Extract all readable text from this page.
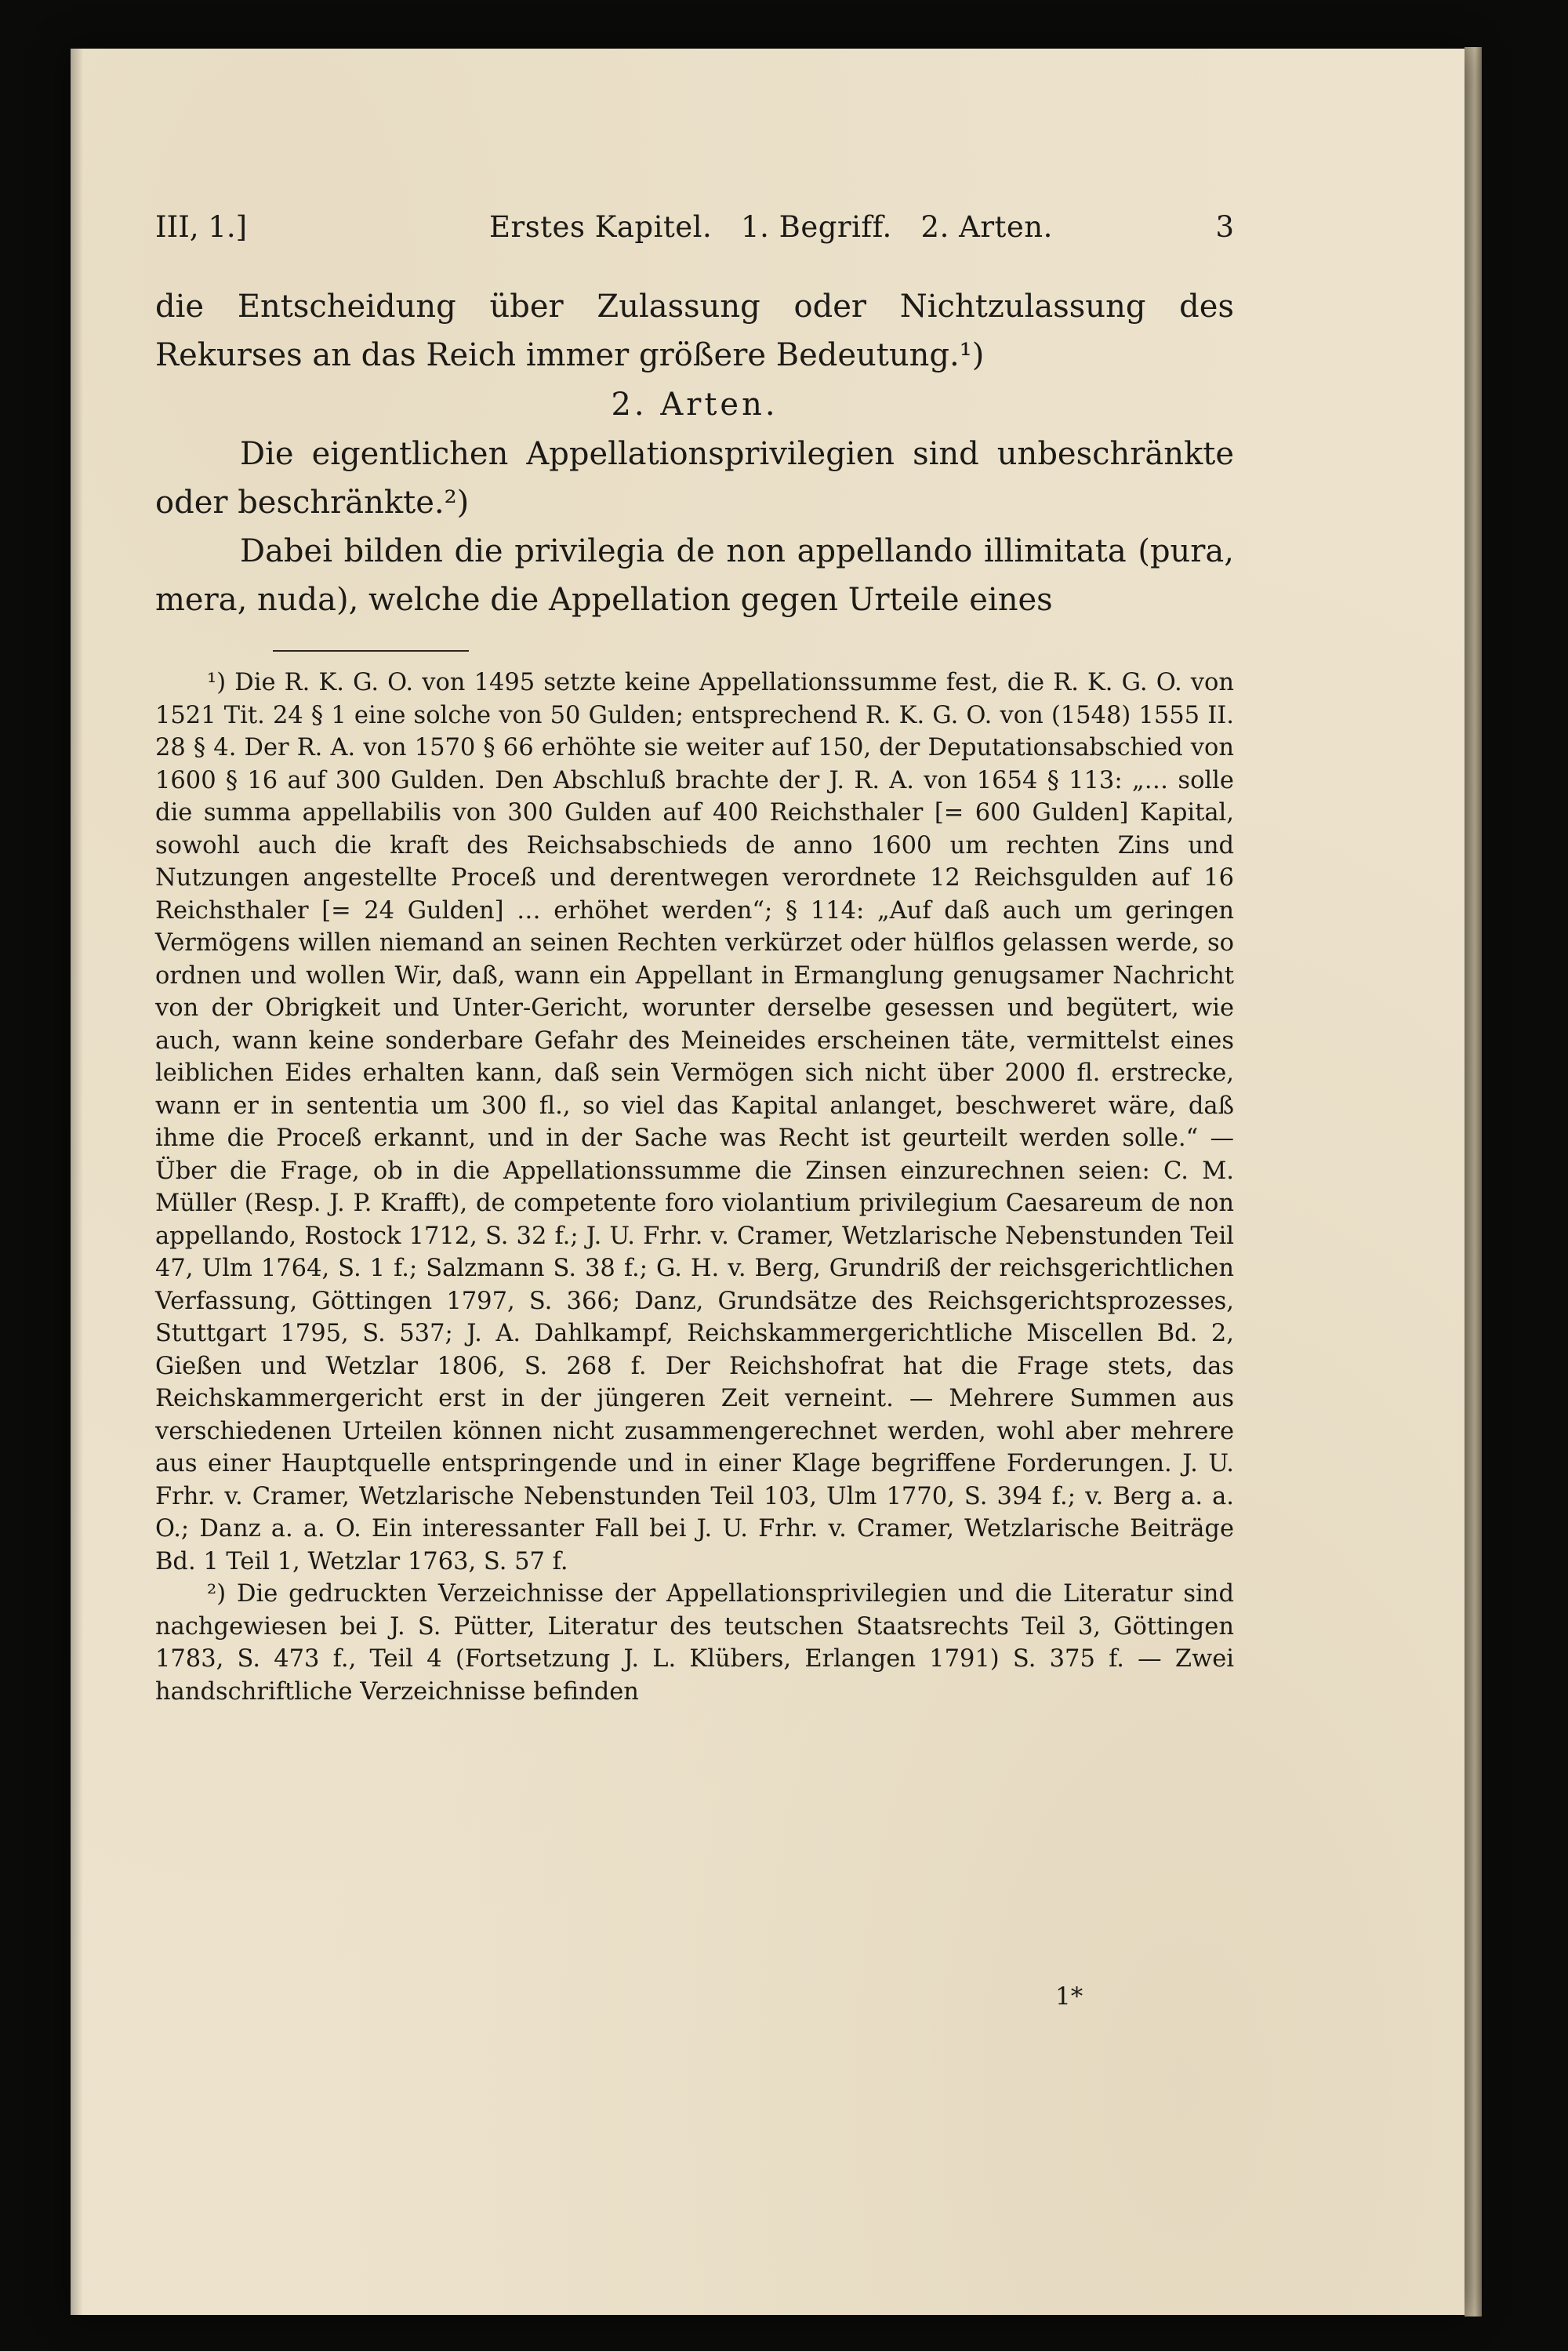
III, 1.]	Erstes Kapitel.   1. Begriff.   2. Arten.	3

die Entscheidung über Zulassung oder Nichtzulassung des Rekurses an das Reich immer größere Bedeutung.¹)

2. Arten.

Die eigentlichen Appellationsprivilegien sind unbeschränkte oder beschränkte.²)

Dabei bilden die privilegia de non appellando illimitata (pura, mera, nuda), welche die Appellation gegen Urteile eines

¹) Die R. K. G. O. von 1495 setzte keine Appellationssumme fest, die R. K. G. O. von 1521 Tit. 24 § 1 eine solche von 50 Gulden; entsprechend R. K. G. O. von (1548) 1555 II. 28 § 4. Der R. A. von 1570 § 66 erhöhte sie weiter auf 150, der Deputationsabschied von 1600 § 16 auf 300 Gulden. Den Abschluß brachte der J. R. A. von 1654 § 113: „… solle die summa appellabilis von 300 Gulden auf 400 Reichsthaler [= 600 Gulden] Kapital, sowohl auch die kraft des Reichsabschieds de anno 1600 um rechten Zins und Nutzungen angestellte Proceß und derentwegen verordnete 12 Reichsgulden auf 16 Reichsthaler [= 24 Gulden] … erhöhet werden“; § 114: „Auf daß auch um geringen Vermögens willen niemand an seinen Rechten verkürzet oder hülflos gelassen werde, so ordnen und wollen Wir, daß, wann ein Appellant in Ermanglung genugsamer Nachricht von der Obrigkeit und Unter-Gericht, worunter derselbe gesessen und begütert, wie auch, wann keine sonderbare Gefahr des Meineides erscheinen täte, vermittelst eines leiblichen Eides erhalten kann, daß sein Vermögen sich nicht über 2000 fl. erstrecke, wann er in sententia um 300 fl., so viel das Kapital anlanget, beschweret wäre, daß ihme die Proceß erkannt, und in der Sache was Recht ist geurteilt werden solle.“ — Über die Frage, ob in die Appellationssumme die Zinsen einzurechnen seien: C. M. Müller (Resp. J. P. Krafft), de competente foro violantium privilegium Caesareum de non appellando, Rostock 1712, S. 32 f.; J. U. Frhr. v. Cramer, Wetzlarische Nebenstunden Teil 47, Ulm 1764, S. 1 f.; Salzmann S. 38 f.; G. H. v. Berg, Grundriß der reichsgerichtlichen Verfassung, Göttingen 1797, S. 366; Danz, Grundsätze des Reichsgerichtsprozesses, Stuttgart 1795, S. 537; J. A. Dahlkampf, Reichskammergerichtliche Miscellen Bd. 2, Gießen und Wetzlar 1806, S. 268 f. Der Reichshofrat hat die Frage stets, das Reichskammergericht erst in der jüngeren Zeit verneint. — Mehrere Summen aus verschiedenen Urteilen können nicht zusammengerechnet werden, wohl aber mehrere aus einer Hauptquelle entspringende und in einer Klage begriffene Forderungen. J. U. Frhr. v. Cramer, Wetzlarische Nebenstunden Teil 103, Ulm 1770, S. 394 f.; v. Berg a. a. O.; Danz a. a. O. Ein interessanter Fall bei J. U. Frhr. v. Cramer, Wetzlarische Beiträge Bd. 1 Teil 1, Wetzlar 1763, S. 57 f.

²) Die gedruckten Verzeichnisse der Appellationsprivilegien und die Literatur sind nachgewiesen bei J. S. Pütter, Literatur des teutschen Staatsrechts Teil 3, Göttingen 1783, S. 473 f., Teil 4 (Fortsetzung J. L. Klübers, Erlangen 1791) S. 375 f. — Zwei handschriftliche Verzeichnisse befinden

1*
